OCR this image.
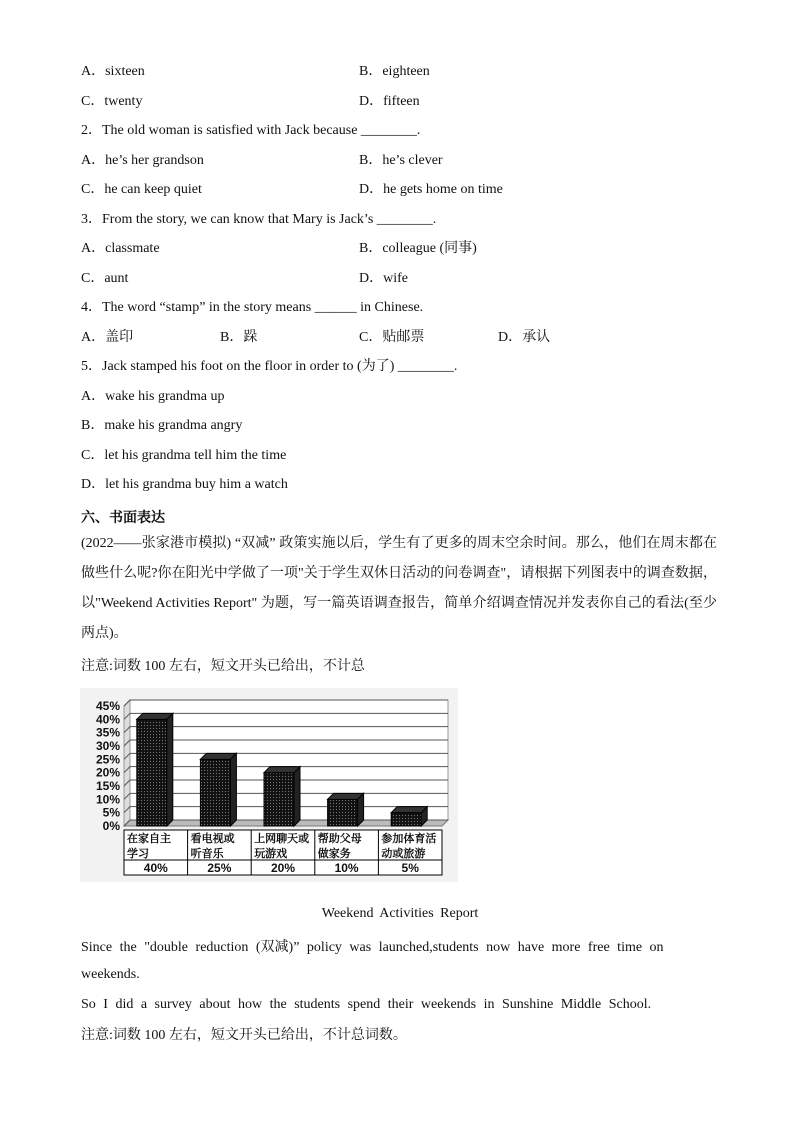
A．sixteen	B．eighteen
C．twenty	D．fifteen
2．The old woman is satisfied with Jack because ________.
A．he’s her grandson	B．he’s clever
C．he can keep quiet	D．he gets home on time
3．From the story, we can know that Mary is Jack’s ________.
A．classmate	B．colleague (同事)
C．aunt	D．wife
4．The word “stamp” in the story means ______ in Chinese.
A．盖印	B．跺	C．贴邮票	D．承认
5．Jack stamped his foot on the floor in order to (为了) ________.
A．wake his grandma up
B．make his grandma angry
C．let his grandma tell him the time
D．let his grandma buy him a watch
六、书面表达
(2022——张家港市模拟) “双减” 政策实施以后，学生有了更多的周末空余时间。那么，他们在周末都在做些什么呢?你在阳光中学做了一项"关于学生双休日活动的问卷调查"，请根据下列图表中的调查数据，以"Weekend Activities Report" 为题，写一篇英语调查报告，简单介绍调查情况并发表你自己的看法(至少两点)。
注意:词数 100 左右，短文开头已给出，不计总
0%
5%
10%
15%
20%
25%
30%
35%
40%
45%
在家自主
学习
40%
看电视或
听音乐
25%
上网聊天或
玩游戏
20%
帮助父母
做家务
10%
参加体育活
动或旅游
5%
Weekend Activities Report
Since the "double reduction (双减)” policy was launched,students now have more free time on
weekends.
So I did a survey about how the students spend their weekends in Sunshine Middle School.
注意:词数 100 左右，短文开头已给出，不计总词数。
